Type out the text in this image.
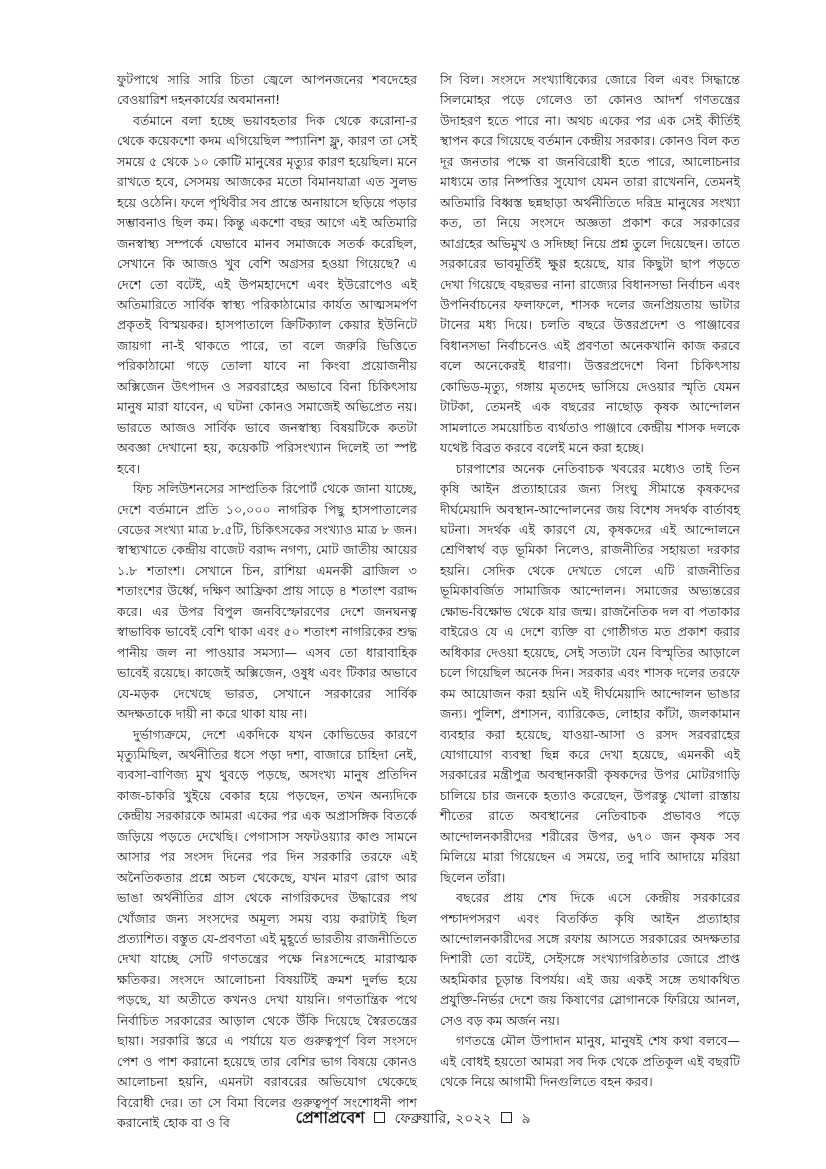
ফুটপাথে সারি সারি চিতা জ্বেলে আপনজনের শবদেহের বেওয়ারিশ দহনকার্যের অবমাননা!

বর্তমানে বলা হচ্ছে ভয়াবহতার দিক থেকে করোনা-র থেকে কয়েকশো কদম এগিয়েছিল স্প্যানিশ ফ্লু, কারণ তা সেই সময়ে ৫ থেকে ১০ কোটি মানুষের মৃত্যুর কারণ হয়েছিল। মনে রাখতে হবে, সেসময় আজকের মতো বিমানযাত্রা এত সুলভ হয়ে ওঠেনি। ফলে পৃথিবীর সব প্রান্তে অনায়াসে ছড়িয়ে পড়ার সম্ভাবনাও ছিল কম। কিন্তু একশো বছর আগে এই অতিমারি জনস্বাস্থ্য সম্পর্কে যেভাবে মানব সমাজকে সতর্ক করেছিল, সেখানে কি আজও খুব বেশি অগ্রসর হওয়া গিয়েছে? এ দেশে তো বটেই, এই উপমহাদেশে এবং ইউরোপেও এই অতিমারিতে সার্বিক স্বাস্থ্য পরিকাঠামোর কার্যত আত্মসমর্পণ প্রকৃতই বিস্ময়কর। হাসপাতালে ক্রিটিক্যাল কেয়ার ইউনিটে জায়গা না-ই থাকতে পারে, তা বলে জরুরি ভিত্তিতে পরিকাঠামো গড়ে তোলা যাবে না কিংবা প্রয়োজনীয় অক্সিজেন উৎপাদন ও সরবরাহের অভাবে বিনা চিকিৎসায় মানুষ মারা যাবেন, এ ঘটনা কোনও সমাজেই অভিপ্রেত নয়। ভারতে আজও সার্বিক ভাবে জনস্বাস্থ্য বিষয়টিকে কতটা অবজ্ঞা দেখানো হয়, কয়েকটি পরিসংখ্যান দিলেই তা স্পষ্ট হবে।

ফিচ সলিউশনসের সাম্প্রতিক রিপোর্ট থেকে জানা যাচ্ছে, দেশে বর্তমানে প্রতি ১০,০০০ নাগরিক পিছু হাসপাতালের বেডের সংখ্যা মাত্র ৮.৫টি, চিকিৎসকের সংখ্যাও মাত্র ৮ জন। স্বাস্থ্যখাতে কেন্দ্রীয় বাজেট বরাদ্দ নগণ্য, মোট জাতীয় আয়ের ১.৮ শতাংশ। সেখানে চিন, রাশিয়া এমনকী ব্রাজিল ৩ শতাংশের উর্ধ্বে, দক্ষিণ আফ্রিকা প্রায় সাড়ে ৪ শতাংশ বরাদ্দ করে। এর উপর বিপুল জনবিস্ফোরণের দেশে জনঘনত্ব স্বাভাবিক ভাবেই বেশি থাকা এবং ৫০ শতাংশ নাগরিকের শুদ্ধ পানীয় জল না পাওয়ার সমস্যা— এসব তো ধারাবাহিক ভাবেই রয়েছে। কাজেই অক্সিজেন, ওষুধ এবং টিকার অভাবে যে-মড়ক দেখেছে ভারত, সেখানে সরকারের সার্বিক অদক্ষতাকে দায়ী না করে থাকা যায় না।

দুর্ভাগ্যক্রমে, দেশে একদিকে যখন কোভিডের কারণে মৃত্যুমিছিল, অর্থনীতির ধসে পড়া দশা, বাজারে চাহিদা নেই, ব্যবসা-বাণিজ্য মুখ থুবড়ে পড়ছে, অসংখ্য মানুষ প্রতিদিন কাজ-চাকরি খুইয়ে বেকার হয়ে পড়ছেন, তখন অন্যদিকে কেন্দ্রীয় সরকারকে আমরা একের পর এক অপ্রাসঙ্গিক বিতর্কে জড়িয়ে পড়তে দেখেছি। পেগাসাস সফটওয়্যার কাণ্ড সামনে আসার পর সংসদ দিনের পর দিন সরকারি তরফে এই অনৈতিকতার প্রশ্নে অচল থেকেছে, যখন মারণ রোগ আর ভাঙা অর্থনীতির গ্রাস থেকে নাগরিকদের উদ্ধারের পথ খোঁজার জন্য সংসদের অমূল্য সময় ব্যয় করাটাই ছিল প্রত্যাশিত। বস্তুত যে-প্রবণতা এই মুহূর্তে ভারতীয় রাজনীতিতে দেখা যাচ্ছে সেটি গণতন্ত্রের পক্ষে নিঃসন্দেহে মারাত্মক ক্ষতিকর। সংসদে আলোচনা বিষয়টিই ক্রমশ দুর্লভ হয়ে পড়ছে, যা অতীতে কখনও দেখা যায়নি। গণতান্ত্রিক পথে নির্বাচিত সরকারের আড়াল থেকে উঁকি দিয়েছে স্বৈরতন্ত্রের ছায়া। সরকারি স্তরে এ পর্যায়ে যত গুরুত্বপূর্ণ বিল সংসদে পেশ ও পাশ করানো হয়েছে তার বেশির ভাগ বিষয়ে কোনও আলোচনা হয়নি, এমনটা বরাবরের অভিযোগ থেকেছে বিরোধী দের। তা সে বিমা বিলের গুরুত্বপূর্ণ সংশোধনী পাশ করানোই হোক বা ও বি

সি বিল। সংসদে সংখ্যাধিক্যের জোরে বিল এবং সিদ্ধান্তে সিলমোহর পড়ে গেলেও তা কোনও আদর্শ গণতন্ত্রের উদাহরণ হতে পারে না। অথচ একের পর এক সেই কীর্তিই স্থাপন করে গিয়েছে বর্তমান কেন্দ্রীয় সরকার। কোনও বিল কত দূর জনতার পক্ষে বা জনবিরোধী হতে পারে, আলোচনার মাধ্যমে তার নিষ্পত্তির সুযোগ যেমন তারা রাখেননি, তেমনই অতিমারি বিধ্বস্ত ছন্নছাড়া অর্থনীতিতে দরিদ্র মানুষের সংখ্যা কত, তা নিয়ে সংসদে অজ্ঞতা প্রকাশ করে সরকারের আগ্রহের অভিমুখ ও সদিচ্ছা নিয়ে প্রশ্ন তুলে দিয়েছেন। তাতে সরকারের ভাবমূর্তিই ক্ষুণ্ণ হয়েছে, যার কিছুটা ছাপ পড়তে দেখা গিয়েছে বছরভর নানা রাজ্যের বিধানসভা নির্বাচন এবং উপনির্বাচনের ফলাফলে, শাসক দলের জনপ্রিয়তায় ভাটার টানের মধ্য দিয়ে। চলতি বছরে উত্তরপ্রদেশ ও পাঞ্জাবের বিধানসভা নির্বাচনেও এই প্রবণতা অনেকখানি কাজ করবে বলে অনেকেরই ধারণা। উত্তরপ্রদেশে বিনা চিকিৎসায় কোভিড-মৃত্যু, গঙ্গায় মৃতদেহ ভাসিয়ে দেওয়ার স্মৃতি যেমন টাটকা, তেমনই এক বছরের নাছোড় কৃষক আন্দোলন সামলাতে সময়োচিত ব্যর্থতাও পাঞ্জাবে কেন্দ্রীয় শাসক দলকে যথেষ্ট বিব্রত করবে বলেই মনে করা হচ্ছে।

চারপাশের অনেক নেতিবাচক খবরের মধ্যেও তাই তিন কৃষি আইন প্রত্যাহারের জন্য সিংঘু সীমান্তে কৃষকদের দীর্ঘমেয়াদি অবস্থান-আন্দোলনের জয় বিশেষ সদর্থক বার্তাবহ ঘটনা। সদর্থক এই কারণে যে, কৃষকদের এই আন্দোলনে শ্রেণিস্বার্থ বড় ভূমিকা নিলেও, রাজনীতির সহায়তা দরকার হয়নি। সেদিক থেকে দেখতে গেলে এটি রাজনীতির ভূমিকাবর্জিত সামাজিক আন্দোলন। সমাজের অভ্যন্তরের ক্ষোভ-বিক্ষোভ থেকে যার জন্ম। রাজনৈতিক দল বা পতাকার বাইরেও যে এ দেশে ব্যক্তি বা গোষ্ঠীগত মত প্রকাশ করার অধিকার দেওয়া হয়েছে, সেই সত্যটা যেন বিস্মৃতির আড়ালে চলে গিয়েছিল অনেক দিন। সরকার এবং শাসক দলের তরফে কম আয়োজন করা হয়নি এই দীর্ঘমেয়াদি আন্দোলন ভাঙার জন্য। পুলিশ, প্রশাসন, ব্যারিকেড, লোহার কাঁটা, জলকামান ব্যবহার করা হয়েছে, যাওয়া-আসা ও রসদ সরবরাহের যোগাযোগ ব্যবস্থা ছিন্ন করে দেখা হয়েছে, এমনকী এই সরকারের মন্ত্রীপুত্র অবস্থানকারী কৃষকদের উপর মোটরগাড়ি চালিয়ে চার জনকে হত্যাও করেছেন, উপরন্তু খোলা রাস্তায় শীতের রাতে অবস্থানের নেতিবাচক প্রভাবও পড়ে আন্দোলনকারীদের শরীরের উপর, ৬৭০ জন কৃষক সব মিলিয়ে মারা গিয়েছেন এ সময়ে, তবু দাবি আদায়ে মরিয়া ছিলেন তাঁরা।

বছরের প্রায় শেষ দিকে এসে কেন্দ্রীয় সরকারের পশ্চাদপসরণ এবং বিতর্কিত কৃষি আইন প্রত্যাহার আন্দোলনকারীদের সঙ্গে রফায় আসতে সরকারের অদক্ষতার দিশারী তো বটেই, সেইসঙ্গে সংখ্যাগরিষ্ঠতার জোরে প্রাপ্ত অহমিকার চূড়ান্ত বিপর্যয়। এই জয় একই সঙ্গে তথাকথিত প্রযুক্তি-নির্ভর দেশে জয় কিষাণের স্লোগানকে ফিরিয়ে আনল, সেও বড় কম অর্জন নয়।

গণতন্ত্রে মৌল উপাদান মানুষ, মানুষই শেষ কথা বলবে— এই বোধই হয়তো আমরা সব দিক থেকে প্রতিকূল এই বছরটি থেকে নিয়ে আগামী দিনগুলিতে বহন করব।

প্রেশাপ্রবেশ ফেব্রুয়ারি, ২০২২ ৯
